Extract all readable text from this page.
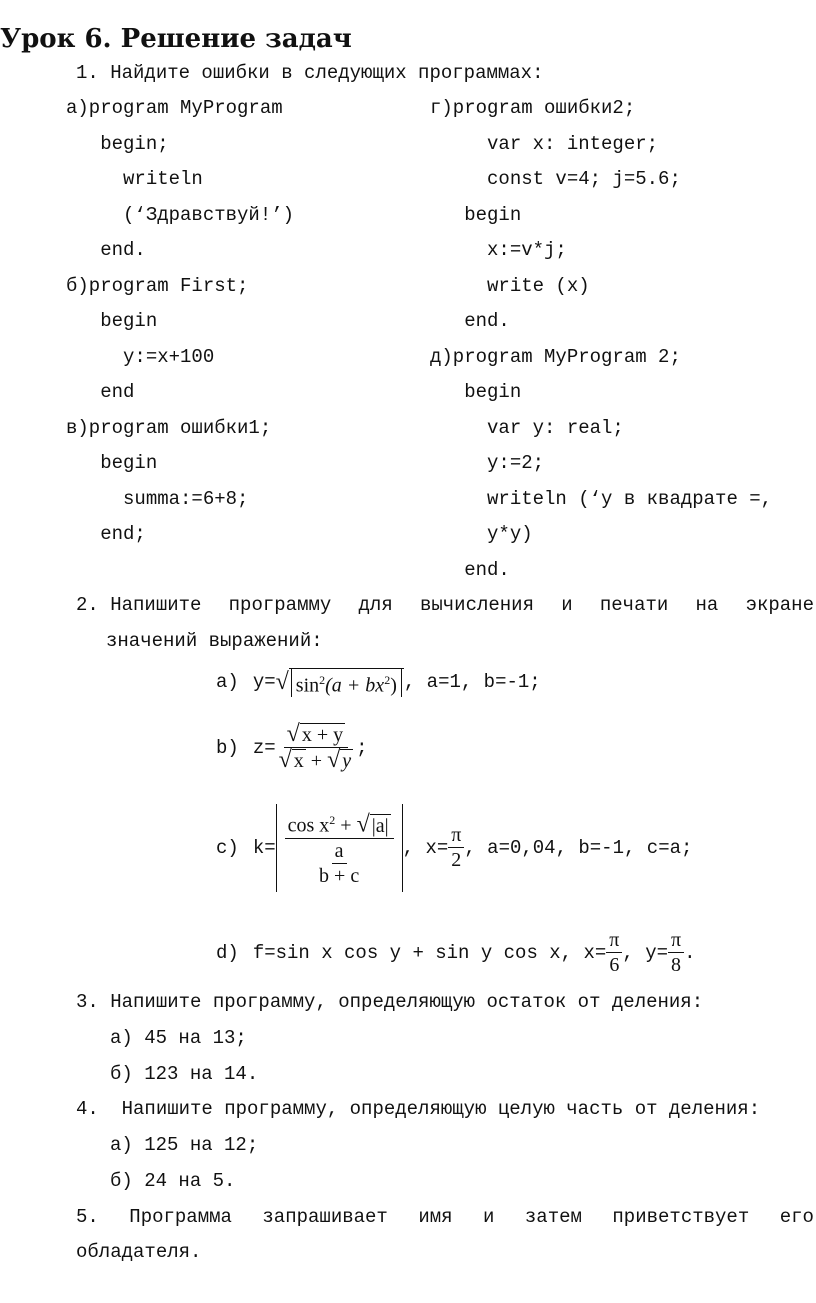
Урок 6. Решение задач
1. Найдите ошибки в следующих программах:
а)program MyProgram
begin;
writeln
(‘Здравствуй!’)
end.
б)program First;
begin
y:=x+100
end
в)program ошибки1;
begin
summa:=6+8;
end;
г)program ошибки2;
var x: integer;
const v=4; j=5.6;
begin
x:=v*j;
write (x)
end.
д)program MyProgram 2;
begin
var y: real;
y:=2;
writeln (‘y в квадрате =,
y*y)
end.
2. Напишите программу для вычисления и печати на экране
значений выражений:
а) y= √ $\sin^2(a + bx^2)$ , a=1, b=-1;
b) $z= \frac{√ x + y}{√ x + √ y}$ ;
c) $k= \frac{\cos x^2 + √ |a|}{\frac{a}{b + c}}$ , $x= \frac{\pi}{2}$ , a=0,04, b=-1, c=a;
d) f=sin x cos y + sin y cos x, $x= \frac{\pi}{6}$ , $y= \frac{\pi}{8}$ .
3. Напишите программу, определяющую остаток от деления:
а) 45 на 13;
б) 123 на 14.
4.  Напишите программу, определяющую целую часть от деления:
а) 125 на 12;
б) 24 на 5.
5. Программа запрашивает имя и затем приветствует его
обладателя.
